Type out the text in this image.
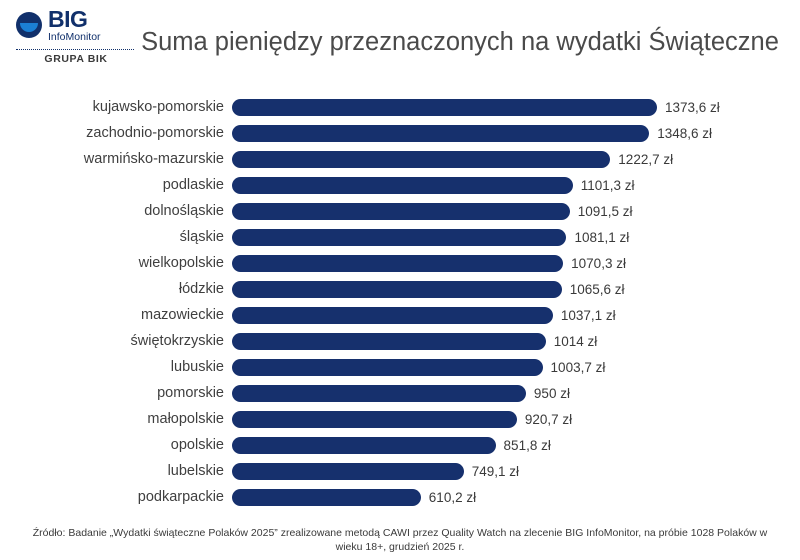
BIG
InfoMonitor
GRUPA BIK
Suma pieniędzy przeznaczonych na wydatki Świąteczne
kujawsko-pomorskie	1373,6 zł
zachodnio-pomorskie	1348,6 zł
warmińsko-mazurskie	1222,7 zł
podlaskie	1101,3 zł
dolnośląskie	1091,5 zł
śląskie	1081,1 zł
wielkopolskie	1070,3 zł
łódzkie	1065,6 zł
mazowieckie	1037,1 zł
świętokrzyskie	1014 zł
lubuskie	1003,7 zł
pomorskie	950 zł
małopolskie	920,7 zł
opolskie	851,8 zł
lubelskie	749,1 zł
podkarpackie	610,2 zł
Źródło: Badanie „Wydatki świąteczne Polaków 2025” zrealizowane metodą CAWI przez Quality Watch na zlecenie BIG InfoMonitor, na próbie 1028 Polaków w wieku 18+, grudzień 2025 r.
